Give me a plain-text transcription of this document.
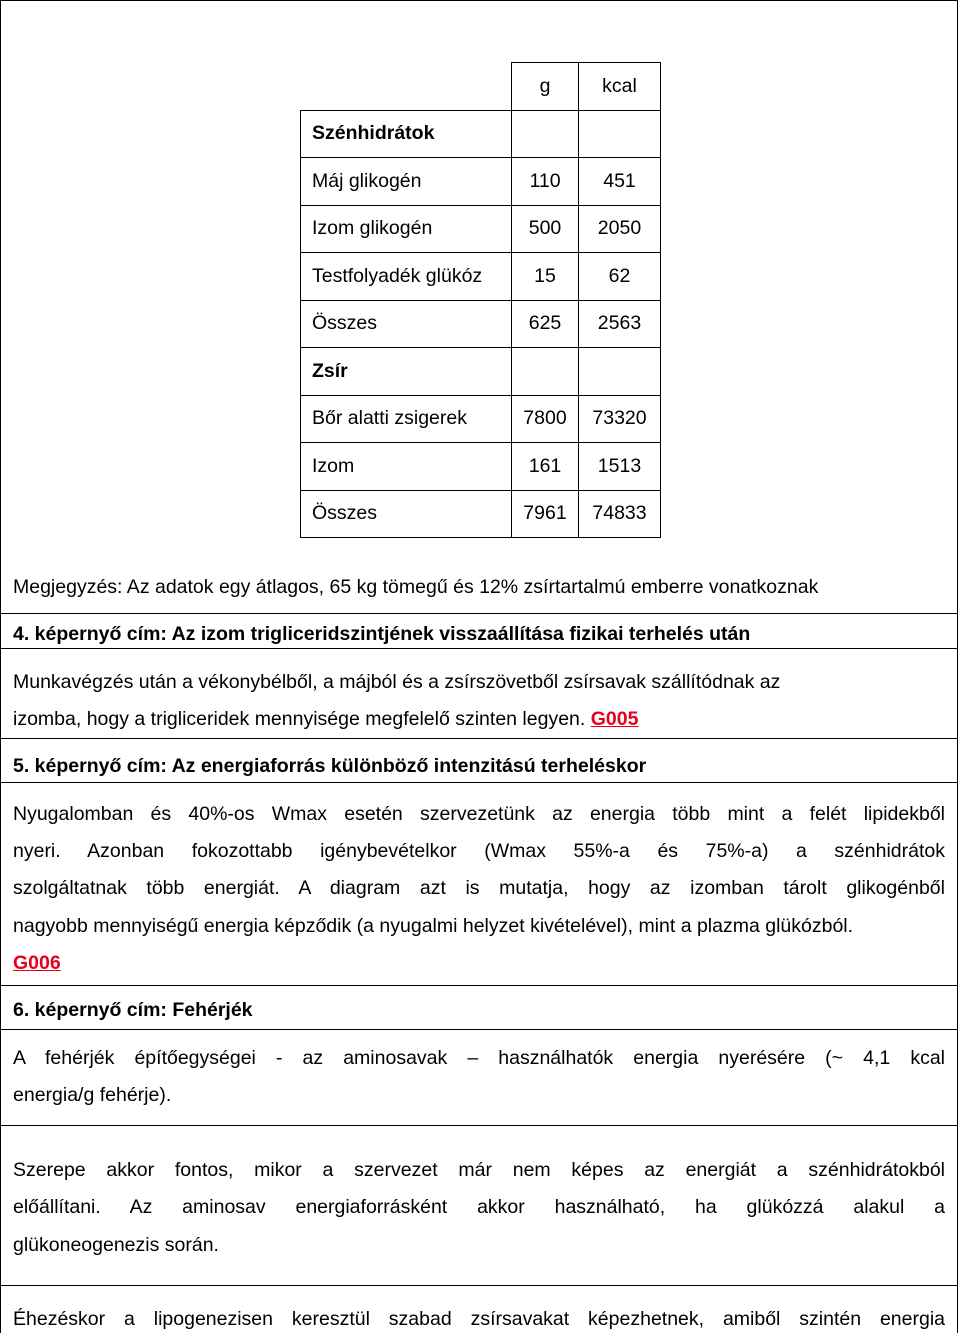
	g	kcal
Szénhidrátok		
Máj glikogén	110	451
Izom glikogén	500	2050
Testfolyadék glükóz	15	62
Összes	625	2563
Zsír		
Bőr alatti zsigerek	7800	73320
Izom	161	1513
Összes	7961	74833
Megjegyzés: Az adatok egy átlagos, 65 kg tömegű és 12% zsírtartalmú emberre vonatkoznak
4. képernyő cím: Az izom trigliceridszintjének visszaállítása fizikai terhelés után
Munkavégzés után a vékonybélből, a májból és a zsírszövetből zsírsavak szállítódnak az
izomba, hogy a trigliceridek mennyisége megfelelő szinten legyen. G005
5. képernyő cím: Az energiaforrás különböző intenzitású terheléskor
Nyugalomban és 40%-os Wmax esetén szervezetünk az energia több mint a felét lipidekből
nyeri. Azonban fokozottabb igénybevételkor (Wmax 55%-a és 75%-a) a szénhidrátok
szolgáltatnak több energiát. A diagram azt is mutatja, hogy az izomban tárolt glikogénből
nagyobb mennyiségű energia képződik (a nyugalmi helyzet kivételével), mint a plazma glükózból.
G006
6. képernyő cím: Fehérjék
A fehérjék építőegységei - az aminosavak – használhatók energia nyerésére (~ 4,1 kcal
energia/g fehérje).
Szerepe akkor fontos, mikor a szervezet már nem képes az energiát a szénhidrátokból
előállítani. Az aminosav energiaforrásként akkor használható, ha glükózzá alakul a
glükoneogenezis során.
Éhezéskor a lipogenezisen keresztül szabad zsírsavakat képezhetnek, amiből szintén energia
